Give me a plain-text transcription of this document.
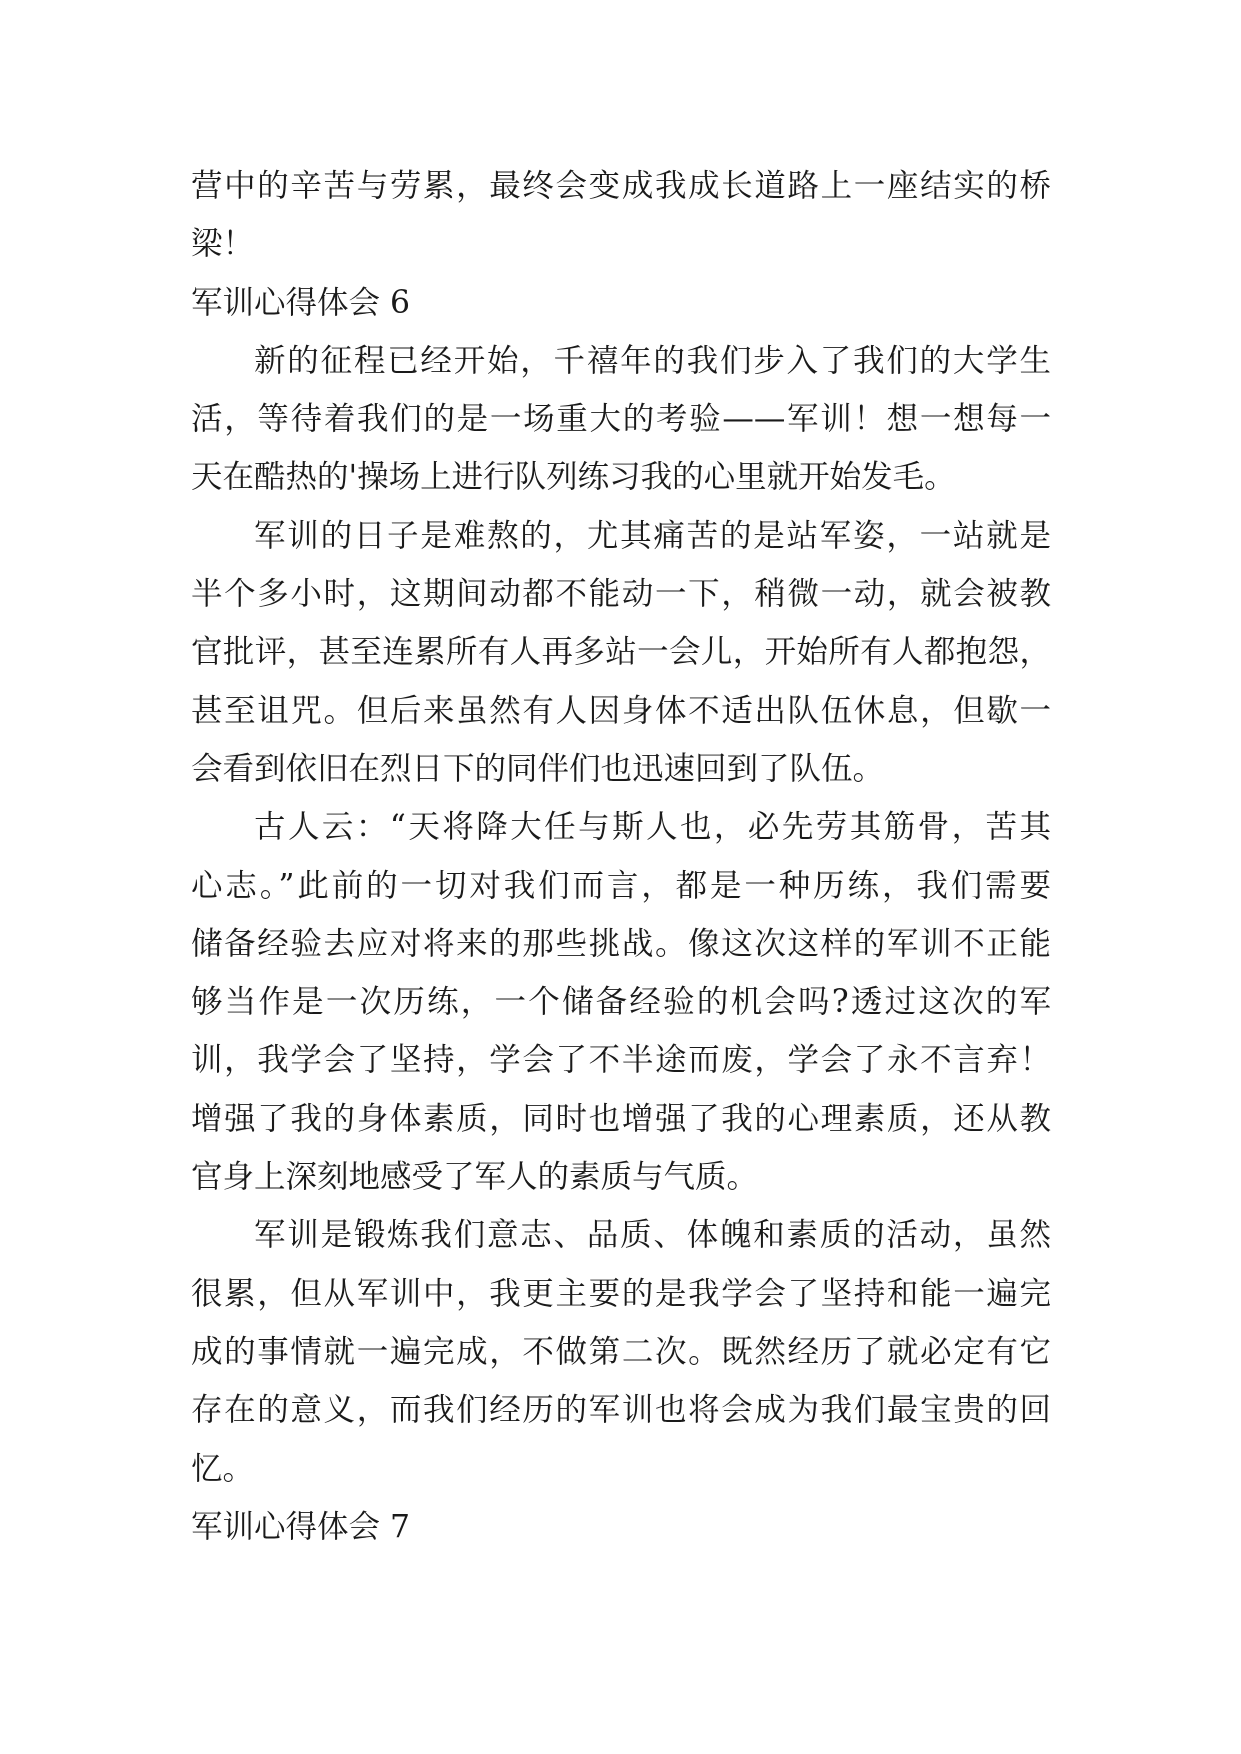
营中的辛苦与劳累，最终会变成我成长道路上一座结实的桥
梁！
军训心得体会 6
新的征程已经开始，千禧年的我们步入了我们的大学生
活，等待着我们的是一场重大的考验——军训！想一想每一
天在酷热的'操场上进行队列练习我的心里就开始发毛。
军训的日子是难熬的，尤其痛苦的是站军姿，一站就是
半个多小时，这期间动都不能动一下，稍微一动，就会被教
官批评，甚至连累所有人再多站一会儿，开始所有人都抱怨，
甚至诅咒。但后来虽然有人因身体不适出队伍休息，但歇一
会看到依旧在烈日下的同伴们也迅速回到了队伍。
古人云：“天将降大任与斯人也，必先劳其筋骨，苦其
心志。”此前的一切对我们而言，都是一种历练，我们需要
储备经验去应对将来的那些挑战。像这次这样的军训不正能
够当作是一次历练，一个储备经验的机会吗?透过这次的军
训，我学会了坚持，学会了不半途而废，学会了永不言弃！
增强了我的身体素质，同时也增强了我的心理素质，还从教
官身上深刻地感受了军人的素质与气质。
军训是锻炼我们意志、品质、体魄和素质的活动，虽然
很累，但从军训中，我更主要的是我学会了坚持和能一遍完
成的事情就一遍完成，不做第二次。既然经历了就必定有它
存在的意义，而我们经历的军训也将会成为我们最宝贵的回
忆。
军训心得体会 7
